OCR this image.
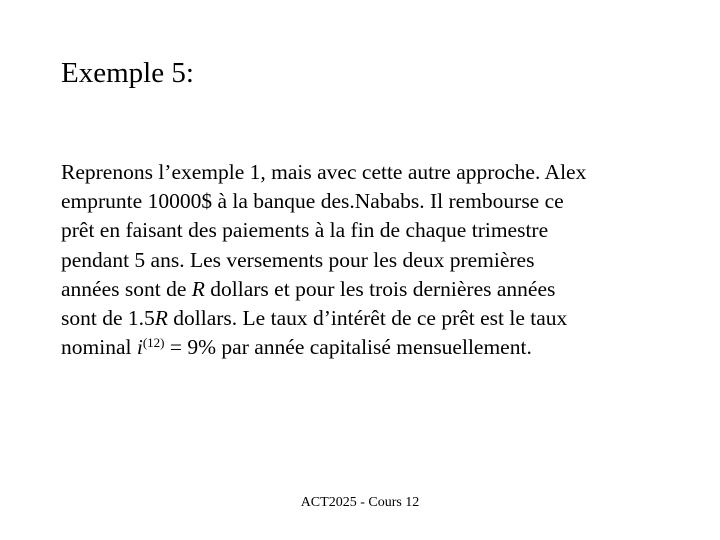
Exemple 5:
Reprenons l’exemple 1, mais avec cette autre approche. Alex
emprunte 10000$ à la banque des.Nababs. Il rembourse ce
prêt en faisant des paiements à la fin de chaque trimestre
pendant 5 ans. Les versements pour les deux premières
années sont de R dollars et pour les trois dernières années
sont de 1.5R dollars. Le taux d’intérêt de ce prêt est le taux
nominal $i^{(12)} = 9\%$ par année capitalisé mensuellement.
ACT2025 - Cours 12
